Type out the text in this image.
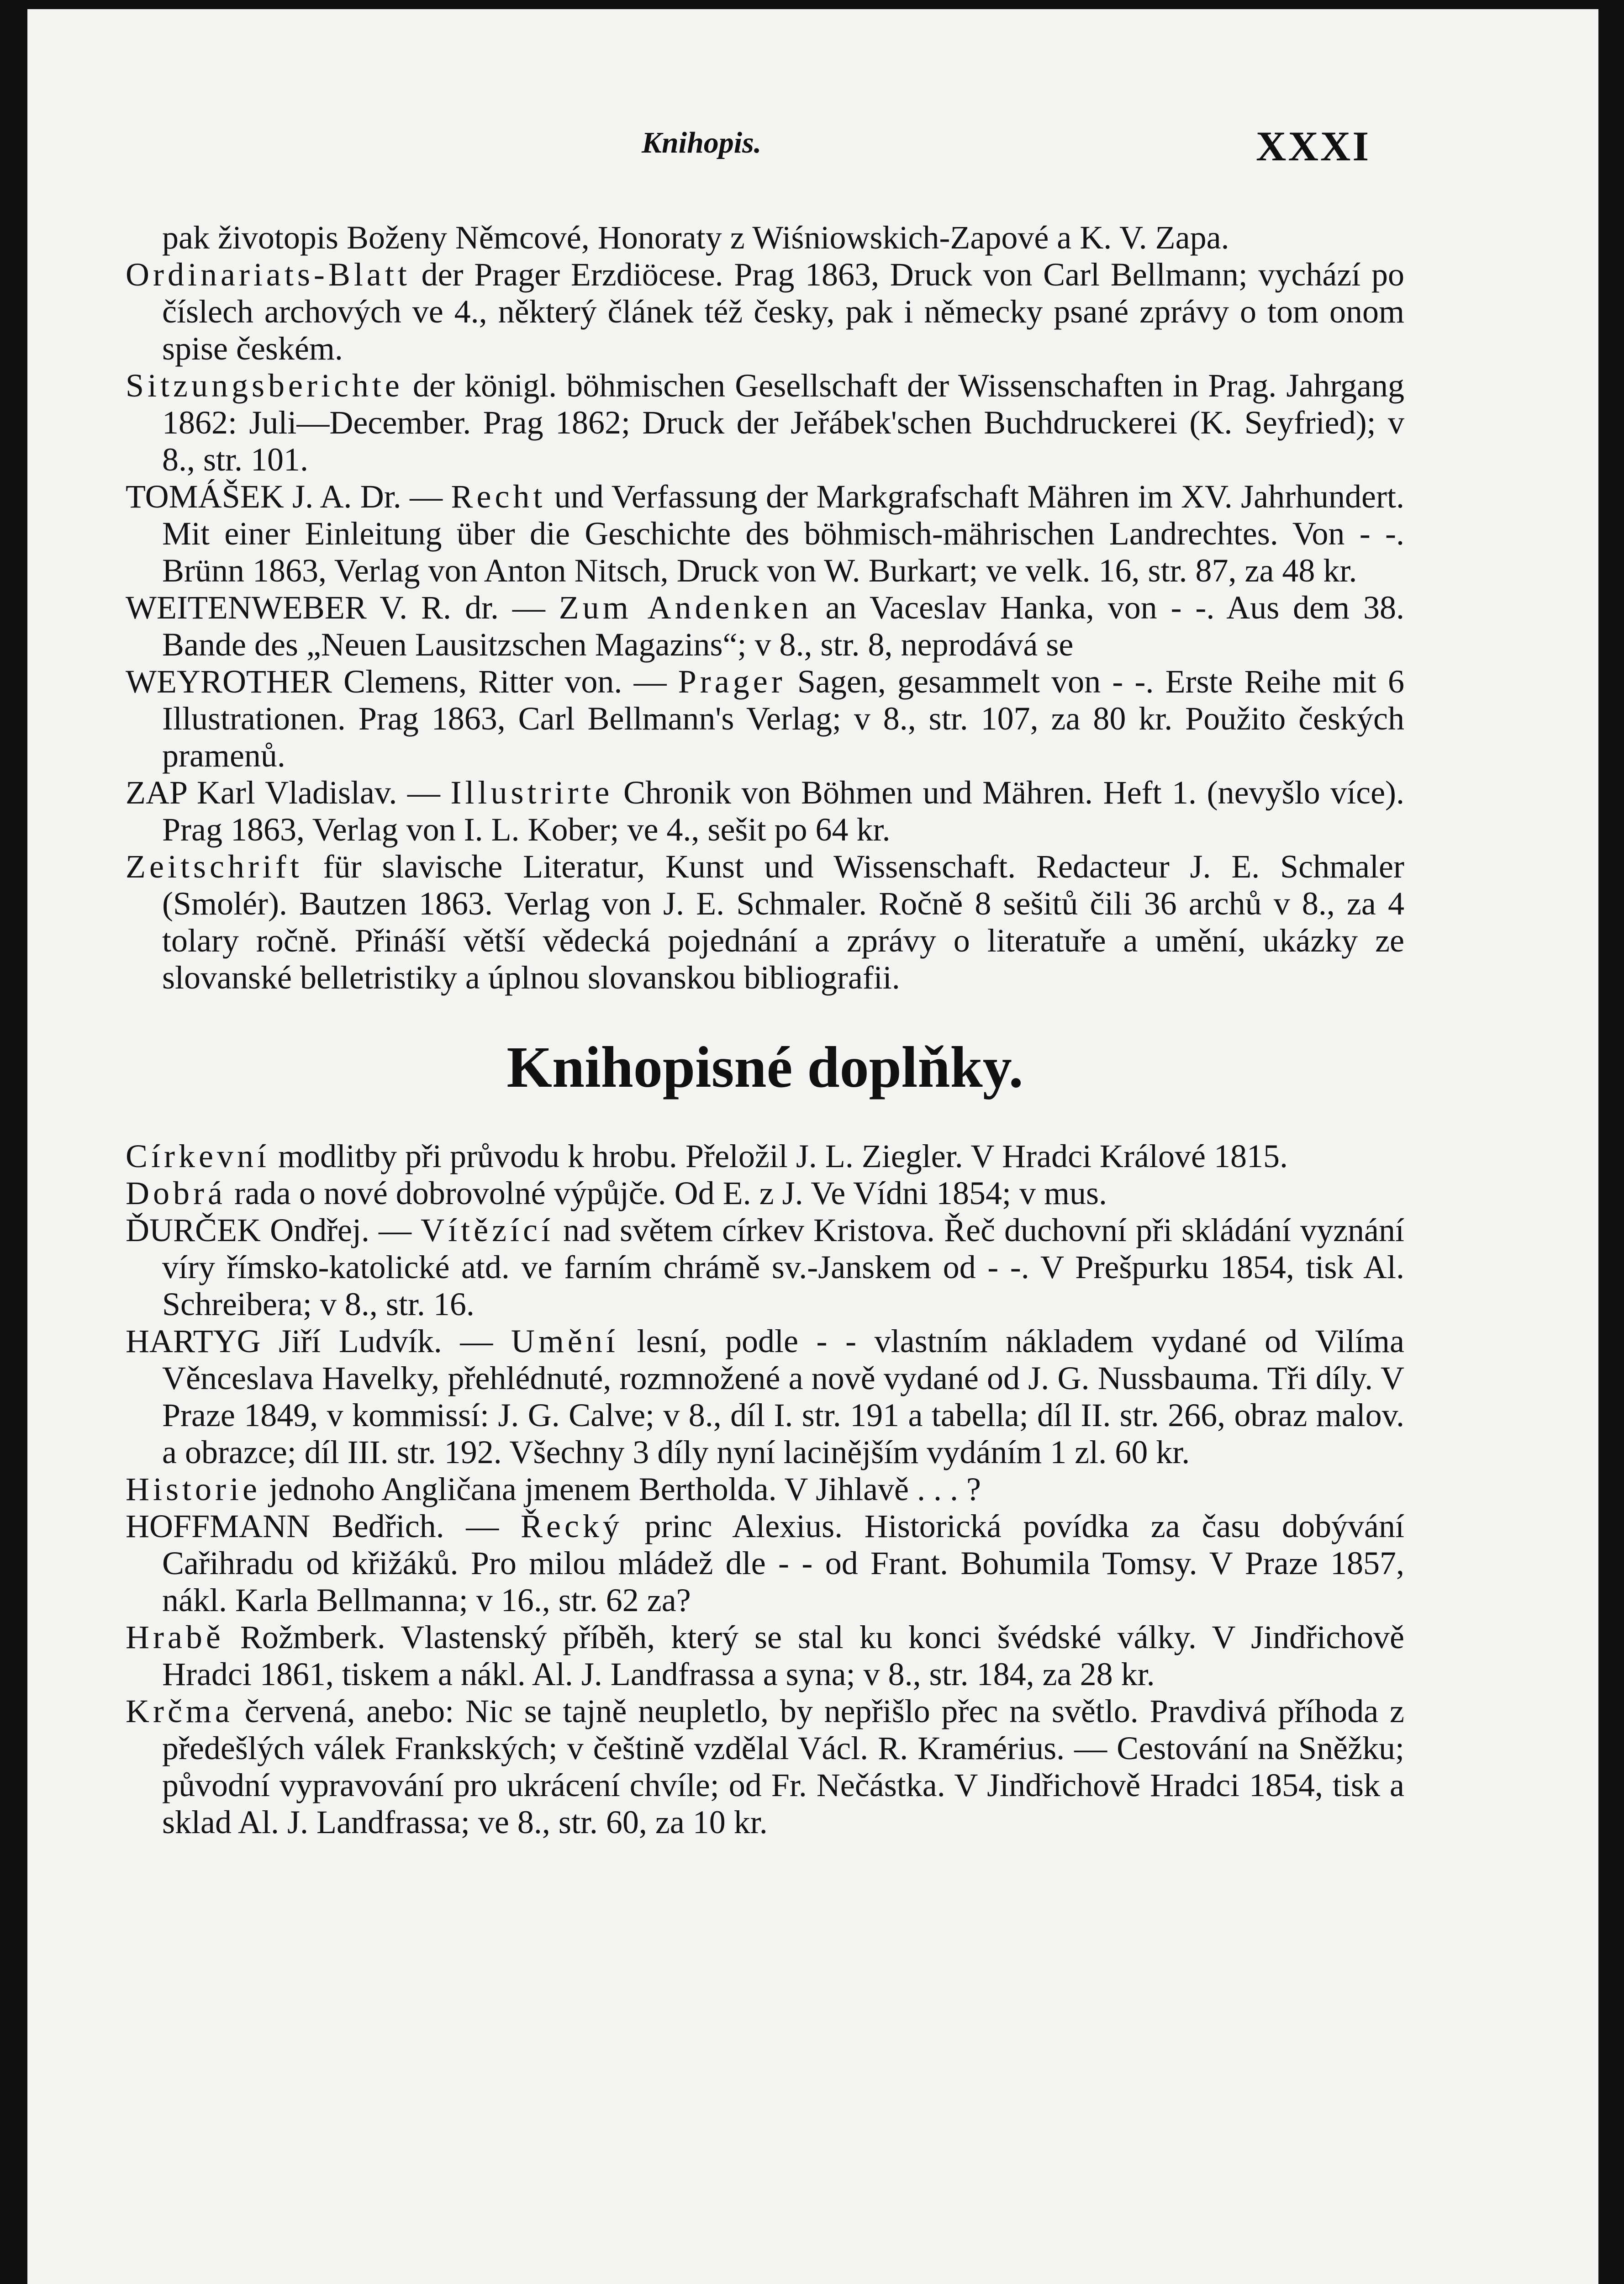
Knihopis.	XXXI

pak životopis Boženy Němcové, Honoraty z Wiśniowskich-Zapové a K. V. Zapa.

Ordinariats-Blatt der Prager Erzdiöcese. Prag 1863, Druck von Carl Bellmann; vychází po číslech archových ve 4., některý článek též česky, pak i německy psané zprávy o tom onom spise českém.

Sitzungsberichte der königl. böhmischen Gesellschaft der Wissenschaften in Prag. Jahrgang 1862: Juli—December. Prag 1862; Druck der Jeřábek'schen Buchdruckerei (K. Seyfried); v 8., str. 101.

TOMÁŠEK J. A. Dr. — Recht und Verfassung der Markgrafschaft Mähren im XV. Jahrhundert. Mit einer Einleitung über die Geschichte des böhmisch-mährischen Landrechtes. Von - -. Brünn 1863, Verlag von Anton Nitsch, Druck von W. Burkart; ve velk. 16, str. 87, za 48 kr.

WEITENWEBER V. R. dr. — Zum Andenken an Vaceslav Hanka, von - -. Aus dem 38. Bande des „Neuen Lausitzschen Magazins“; v 8., str. 8, neprodává se

WEYROTHER Clemens, Ritter von. — Prager Sagen, gesammelt von - -. Erste Reihe mit 6 Illustrationen. Prag 1863, Carl Bellmann's Verlag; v 8., str. 107, za 80 kr. Použito českých pramenů.

ZAP Karl Vladislav. — Illustrirte Chronik von Böhmen und Mähren. Heft 1. (nevyšlo více). Prag 1863, Verlag von I. L. Kober; ve 4., sešit po 64 kr.

Zeitschrift für slavische Literatur, Kunst und Wissenschaft. Redacteur J. E. Schmaler (Smolér). Bautzen 1863. Verlag von J. E. Schmaler. Ročně 8 sešitů čili 36 archů v 8., za 4 tolary ročně. Přináší větší vědecká pojednání a zprávy o literatuře a umění, ukázky ze slovanské belletristiky a úplnou slovanskou bibliografii.

Knihopisné doplňky.

Církevní modlitby při průvodu k hrobu. Přeložil J. L. Ziegler. V Hradci Králové 1815.

Dobrá rada o nové dobrovolné výpůjče. Od E. z J. Ve Vídni 1854; v mus.

ĎURČEK Ondřej. — Vítězící nad světem církev Kristova. Řeč duchovní při skládání vyznání víry římsko-katolické atd. ve farním chrámě sv.-Janskem od - -. V Prešpurku 1854, tisk Al. Schreibera; v 8., str. 16.

HARTYG Jiří Ludvík. — Umění lesní, podle - - vlastním nákladem vydané od Vilíma Věnceslava Havelky, přehlédnuté, rozmnožené a nově vydané od J. G. Nussbauma. Tři díly. V Praze 1849, v kommissí: J. G. Calve; v 8., díl I. str. 191 a tabella; díl II. str. 266, obraz malov. a obrazce; díl III. str. 192. Všechny 3 díly nyní lacinějším vydáním 1 zl. 60 kr.

Historie jednoho Angličana jmenem Bertholda. V Jihlavě . . . ?

HOFFMANN Bedřich. — Řecký princ Alexius. Historická povídka za času dobývání Cařihradu od křižáků. Pro milou mládež dle - - od Frant. Bohumila Tomsy. V Praze 1857, nákl. Karla Bellmanna; v 16., str. 62 za?

Hrabě Rožmberk. Vlastenský příběh, který se stal ku konci švédské války. V Jindřichově Hradci 1861, tiskem a nákl. Al. J. Landfrassa a syna; v 8., str. 184, za 28 kr.

Krčma červená, anebo: Nic se tajně neupletlo, by nepřišlo přec na světlo. Pravdivá příhoda z předešlých válek Frankských; v češtině vzdělal Václ. R. Kramérius. — Cestování na Sněžku; původní vypravování pro ukrácení chvíle; od Fr. Nečástka. V Jindřichově Hradci 1854, tisk a sklad Al. J. Landfrassa; ve 8., str. 60, za 10 kr.
